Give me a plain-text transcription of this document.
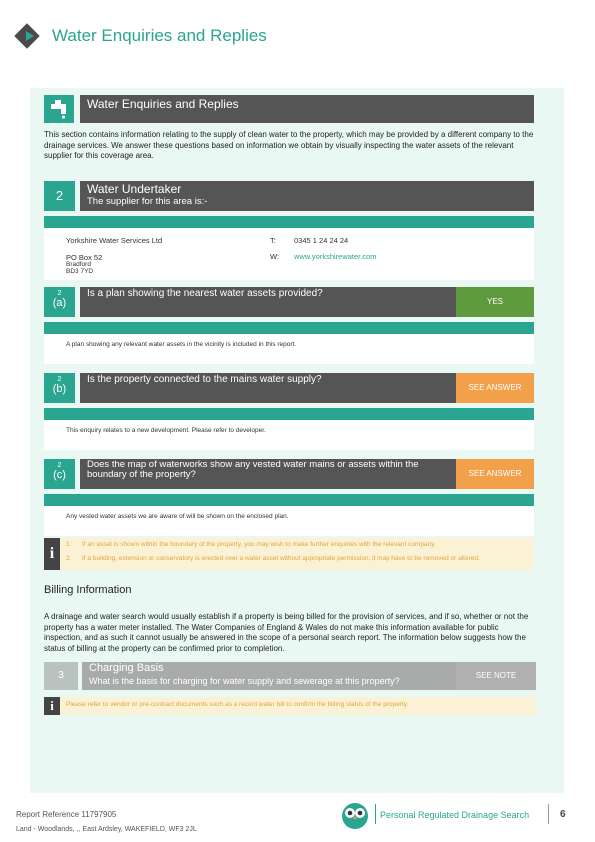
Water Enquiries and Replies
Water Enquiries and Replies
This section contains information relating to the supply of clean water to the property, which may be provided by a different company to the drainage services. We answer these questions based on information we obtain by visually inspecting the water assets of the relevant supplier for this coverage area.
2	Water Undertaker
The supplier for this area is:-
Yorkshire Water Services Ltd
PO Box 52
Bradford
BD3 7YD
T: 0345 1 24 24 24
W: www.yorkshirewater.com
2
(a)
Is a plan showing the nearest water assets provided?
YES
A plan showing any relevant water assets in the vicinity is included in this report.
2
(b)
Is the property connected to the mains water supply?
SEE ANSWER
This enquiry relates to a new development. Please refer to developer.
2
(c)
Does the map of waterworks show any vested water mains or assets within the boundary of the property?	SEE ANSWER
Any vested water assets we are aware of will be shown on the enclosed plan.
i
1. If an asset is shown within the boundary of the property, you may wish to make further enquiries with the relevant company.
2. If a building, extension or conservatory is erected over a water asset without appropriate permission, it may have to be removed or altered.
Billing Information
A drainage and water search would usually establish if a property is being billed for the provision of services, and if so, whether or not the property has a water meter installed. The Water Companies of England & Wales do not make this information available for public inspection, and as such it cannot usually be answered in the scope of a personal search report. The information below suggests how the status of billing at the property can be confirmed prior to completion.
3
Charging Basis
What is the basis for charging for water supply and sewerage at this property?
SEE NOTE
i	Please refer to vendor or pre-contract documents such as a recent water bill to confirm the billing status of the property.
Report Reference 11797905
Land - Woodlands, ,, East Ardsley, WAKEFIELD, WF3 2JL
Personal Regulated Drainage Search	6
